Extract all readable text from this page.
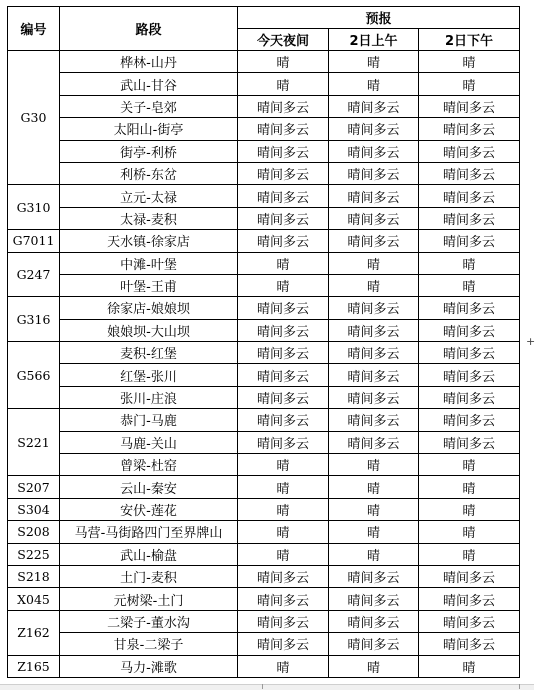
编号	路段	预报		
		今天夜间	2日上午	2日下午
G30	桦林-山丹	晴	晴	晴
	武山-甘谷	晴	晴	晴
	关子-皂郊	晴间多云	晴间多云	晴间多云
	太阳山-街亭	晴间多云	晴间多云	晴间多云
	街亭-利桥	晴间多云	晴间多云	晴间多云
	利桥-东岔	晴间多云	晴间多云	晴间多云
G310	立元-太禄	晴间多云	晴间多云	晴间多云
	太禄-麦积	晴间多云	晴间多云	晴间多云
G7011	天水镇-徐家店	晴间多云	晴间多云	晴间多云
G247	中滩-叶堡	晴	晴	晴
	叶堡-王甫	晴	晴	晴
G316	徐家店-娘娘坝	晴间多云	晴间多云	晴间多云
	娘娘坝-大山坝	晴间多云	晴间多云	晴间多云
G566	麦积-红堡	晴间多云	晴间多云	晴间多云
	红堡-张川	晴间多云	晴间多云	晴间多云
	张川-庄浪	晴间多云	晴间多云	晴间多云
S221	恭门-马鹿	晴间多云	晴间多云	晴间多云
	马鹿-关山	晴间多云	晴间多云	晴间多云
	曾梁-杜窑	晴	晴	晴
S207	云山-秦安	晴	晴	晴
S304	安伏-莲花	晴	晴	晴
S208	马营-马街路四门至界牌山	晴	晴	晴
S225	武山-榆盘	晴	晴	晴
S218	土门-麦积	晴间多云	晴间多云	晴间多云
X045	元树梁-土门	晴间多云	晴间多云	晴间多云
Z162	二梁子-董水沟	晴间多云	晴间多云	晴间多云
	甘泉-二梁子	晴间多云	晴间多云	晴间多云
Z165	马力-滩歌	晴	晴	晴
+
